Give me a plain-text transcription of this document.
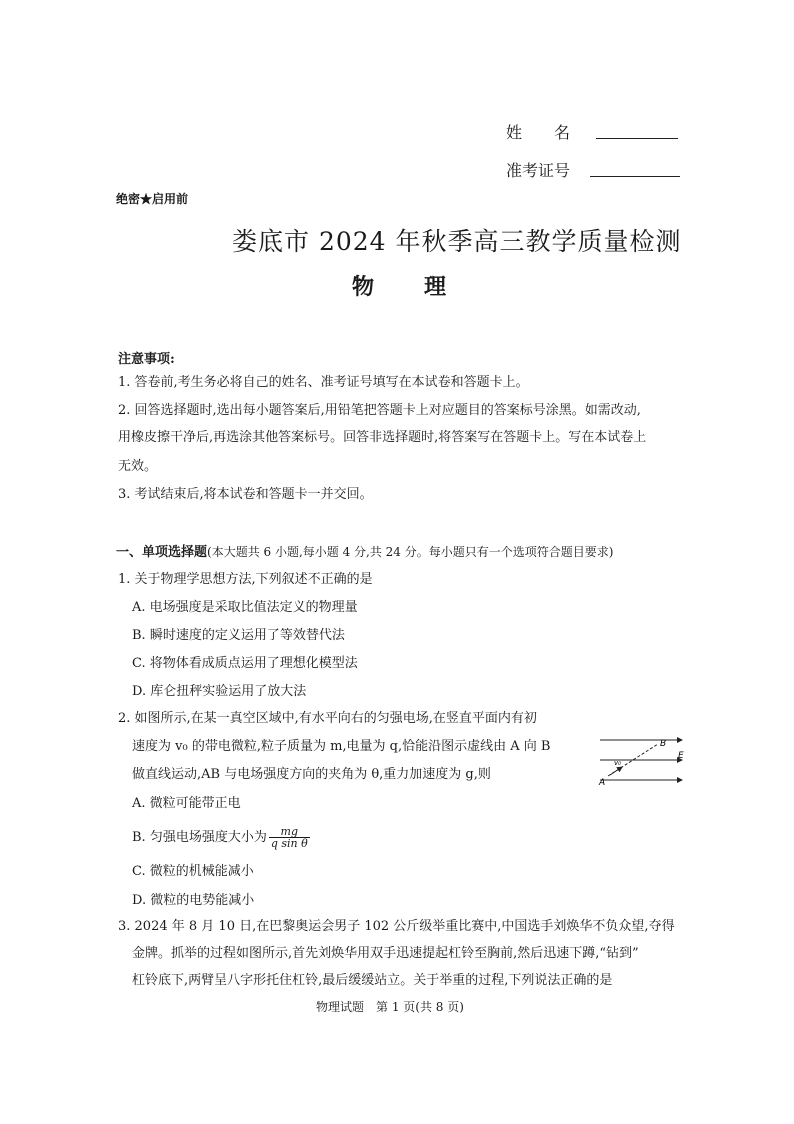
姓　　名
准考证号
绝密★启用前
娄底市 2024 年秋季高三教学质量检测
物　　理
注意事项:
1. 答卷前,考生务必将自己的姓名、准考证号填写在本试卷和答题卡上。
2. 回答选择题时,选出每小题答案后,用铅笔把答题卡上对应题目的答案标号涂黑。如需改动,
用橡皮擦干净后,再选涂其他答案标号。回答非选择题时,将答案写在答题卡上。写在本试卷上
无效。
3. 考试结束后,将本试卷和答题卡一并交回。
一、单项选择题(本大题共 6 小题,每小题 4 分,共 24 分。每小题只有一个选项符合题目要求)
1. 关于物理学思想方法,下列叙述不正确的是
A. 电场强度是采取比值法定义的物理量
B. 瞬时速度的定义运用了等效替代法
C. 将物体看成质点运用了理想化模型法
D. 库仑扭秤实验运用了放大法
2. 如图所示,在某一真空区域中,有水平向右的匀强电场,在竖直平面内有初
速度为 v₀ 的带电微粒,粒子质量为 m,电量为 q,恰能沿图示虚线由 A 向 B
做直线运动,AB 与电场强度方向的夹角为 θ,重力加速度为 g,则
B
E
A
v₀
A. 微粒可能带正电
B. 匀强电场强度大小为 $\frac{mg}{\text{q sin θ}}$
C. 微粒的机械能减小
D. 微粒的电势能减小
3. 2024 年 8 月 10 日,在巴黎奥运会男子 102 公斤级举重比赛中,中国选手刘焕华不负众望,夺得
金牌。抓举的过程如图所示,首先刘焕华用双手迅速提起杠铃至胸前,然后迅速下蹲,“钻到”
杠铃底下,两臂呈八字形托住杠铃,最后缓缓站立。关于举重的过程,下列说法正确的是
物理试题　第 1 页(共 8 页)
